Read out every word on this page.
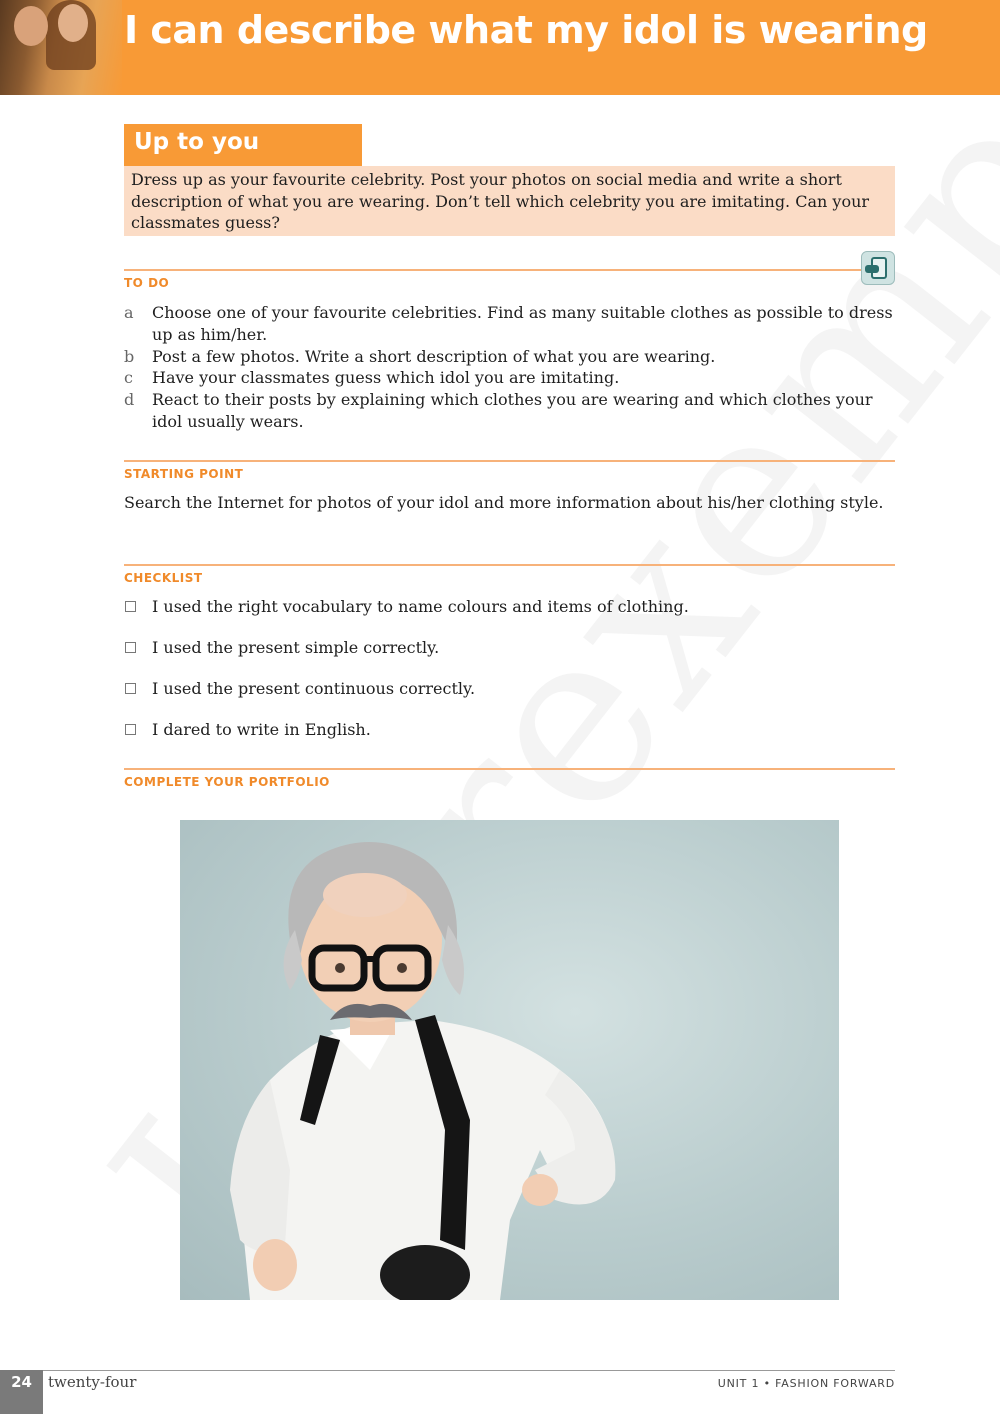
I can describe what my idol is wearing
Up to you
Dress up as your favourite celebrity. Post your photos on social media and write a short description of what you are wearing. Don’t tell which celebrity you are imitating. Can your classmates guess?
TO DO
a Choose one of your favourite celebrities. Find as many suitable clothes as possible to dress up as him/her.
b Post a few photos. Write a short description of what you are wearing.
c Have your classmates guess which idol you are imitating.
d React to their posts by explaining which clothes you are wearing and which clothes your idol usually wears.
STARTING POINT
Search the Internet for photos of your idol and more information about his/her clothing style.
CHECKLIST
I used the right vocabulary to name colours and items of clothing.
I used the present simple correctly.
I used the present continuous correctly.
I dared to write in English.
COMPLETE YOUR PORTFOLIO
24	twenty-four	UNIT 1 • FASHION FORWARD
